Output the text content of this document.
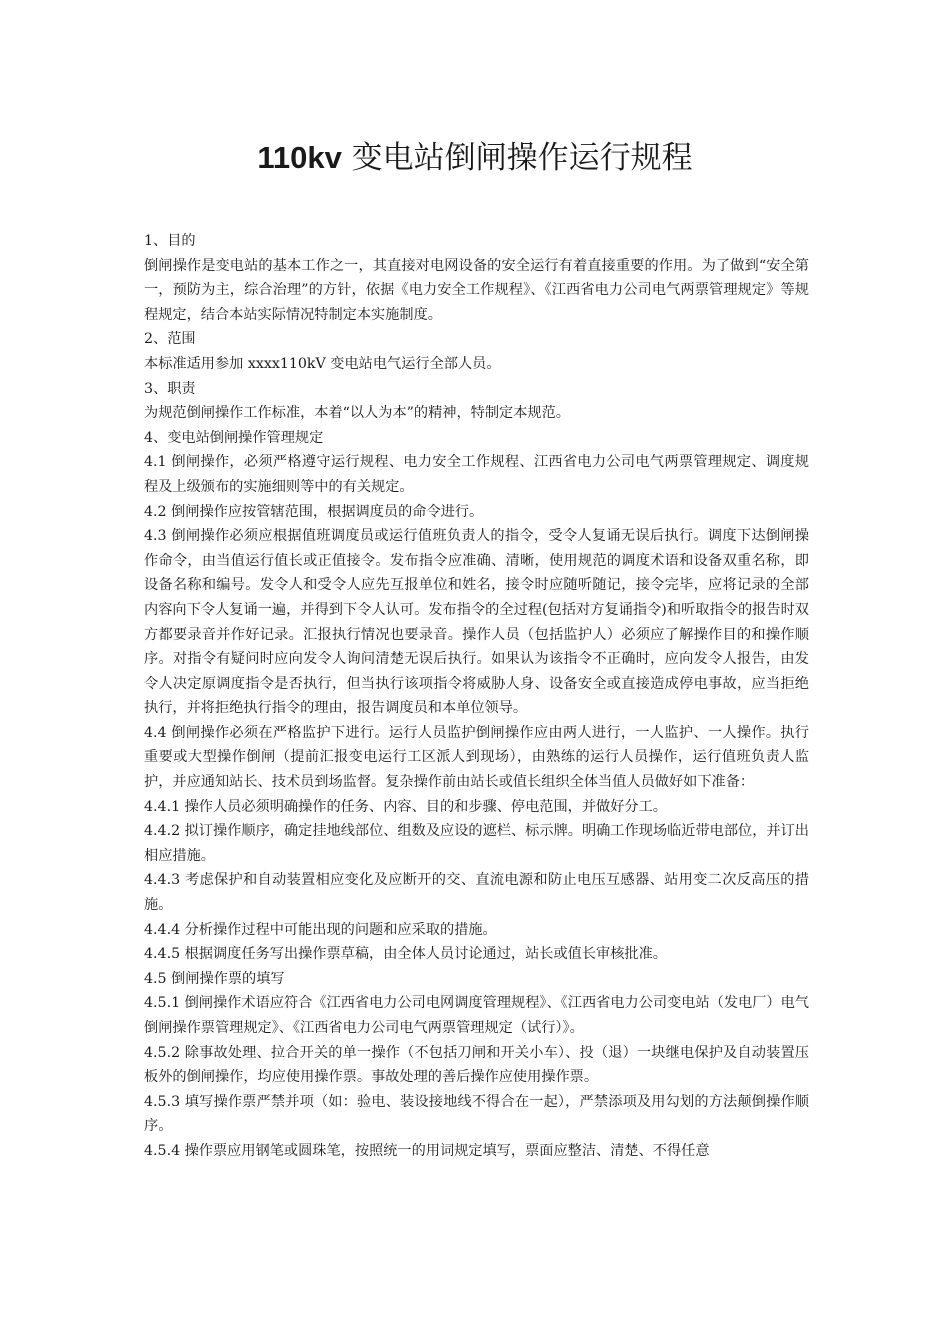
110kv 变电站倒闸操作运行规程

1、目的

倒闸操作是变电站的基本工作之一，其直接对电网设备的安全运行有着直接重要的作用。为了做到“安全第一，预防为主，综合治理”的方针，依据《电力安全工作规程》、《江西省电力公司电气两票管理规定》等规程规定，结合本站实际情况特制定本实施制度。

2、范围

本标准适用参加 xxxx110kV 变电站电气运行全部人员。

3、职责

为规范倒闸操作工作标准，本着“以人为本”的精神，特制定本规范。

4、变电站倒闸操作管理规定

4.1 倒闸操作，必须严格遵守运行规程、电力安全工作规程、江西省电力公司电气两票管理规定、调度规程及上级颁布的实施细则等中的有关规定。

4.2 倒闸操作应按管辖范围，根据调度员的命令进行。

4.3 倒闸操作必须应根据值班调度员或运行值班负责人的指令，受令人复诵无误后执行。调度下达倒闸操作命令，由当值运行值长或正值接令。发布指令应准确、清晰，使用规范的调度术语和设备双重名称，即设备名称和编号。发令人和受令人应先互报单位和姓名，接令时应随听随记，接令完毕，应将记录的全部内容向下令人复诵一遍，并得到下令人认可。发布指令的全过程(包括对方复诵指令)和听取指令的报告时双方都要录音并作好记录。汇报执行情况也要录音。操作人员（包括监护人）必须应了解操作目的和操作顺序。对指令有疑问时应向发令人询问清楚无误后执行。如果认为该指令不正确时，应向发令人报告，由发令人决定原调度指令是否执行，但当执行该项指令将威胁人身、设备安全或直接造成停电事故，应当拒绝执行，并将拒绝执行指令的理由，报告调度员和本单位领导。

4.4 倒闸操作必须在严格监护下进行。运行人员监护倒闸操作应由两人进行，一人监护、一人操作。执行重要或大型操作倒闸（提前汇报变电运行工区派人到现场），由熟练的运行人员操作，运行值班负责人监护，并应通知站长、技术员到场监督。复杂操作前由站长或值长组织全体当值人员做好如下准备：

4.4.1 操作人员必须明确操作的任务、内容、目的和步骤、停电范围，并做好分工。

4.4.2 拟订操作顺序，确定挂地线部位、组数及应设的遮栏、标示牌。明确工作现场临近带电部位，并订出相应措施。

4.4.3 考虑保护和自动装置相应变化及应断开的交、直流电源和防止电压互感器、站用变二次反高压的措施。

4.4.4 分析操作过程中可能出现的问题和应采取的措施。

4.4.5 根据调度任务写出操作票草稿，由全体人员讨论通过，站长或值长审核批准。

4.5 倒闸操作票的填写

4.5.1 倒闸操作术语应符合《江西省电力公司电网调度管理规程》、《江西省电力公司变电站（发电厂）电气倒闸操作票管理规定》、《江西省电力公司电气两票管理规定（试行）》。

4.5.2 除事故处理、拉合开关的单一操作（不包括刀闸和开关小车）、投（退）一块继电保护及自动装置压板外的倒闸操作，均应使用操作票。事故处理的善后操作应使用操作票。

4.5.3 填写操作票严禁并项（如：验电、装设接地线不得合在一起），严禁添项及用勾划的方法颠倒操作顺序。

4.5.4 操作票应用钢笔或圆珠笔，按照统一的用词规定填写，票面应整洁、清楚、不得任意
